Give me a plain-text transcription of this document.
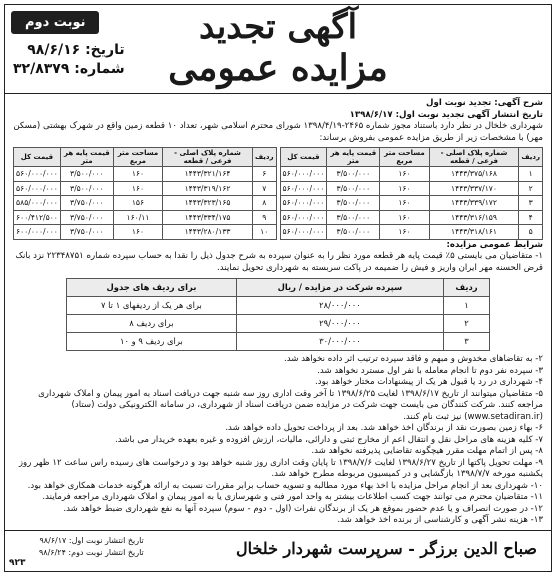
نوبت دوم	آگهی تجدید
مزایده عمومی
تاریخ: ۹۸/۶/۱۶
شماره: ۳۲/۸۳۷۹

شرح آگهی: تجدید نوبت اول

تاریخ انتشار آگهی تجدید نوبت اول: ۱۳۹۸/۶/۱۷

شهرداری خلخال در نظر دارد باستناد مجوز شماره ۲۴۶۵-۱۳۹۸/۴/۱۹ شورای محترم اسلامی شهر، تعداد ۱۰ قطعه زمین واقع در شهرک بهشتی (مسکن مهر) با مشخصات زیر از طریق مزایده عمومی بفروش برساند:

ردیف	شماره پلاک اصلی - فرعی / قطعه	مساحت متر مربع	قیمت پایه هر متر	قیمت کل		ردیف	شماره پلاک اصلی - فرعی / قطعه	مساحت متر مربع	قیمت پایه هر متر	قیمت کل
۱	۱۴۴۳/۳۷۵/۱۶۸	۱۶۰	۳/۵۰۰/۰۰۰	۵۶۰/۰۰۰/۰۰۰		۶	۱۴۴۳/۳۲۱/۱۶۴	۱۶۰	۳/۵۰۰/۰۰۰	۵۶۰/۰۰۰/۰۰۰
۲	۱۴۴۳/۳۳۷/۱۷۰	۱۶۰	۳/۵۰۰/۰۰۰	۵۶۰/۰۰۰/۰۰۰		۷	۱۴۴۳/۳۱۹/۱۶۲	۱۶۰	۳/۵۰۰/۰۰۰	۵۶۰/۰۰۰/۰۰۰
۳	۱۴۴۳/۳۳۹/۱۷۲	۱۶۰	۳/۵۰۰/۰۰۰	۵۶۰/۰۰۰/۰۰۰		۸	۱۴۴۳/۳۲۳/۱۶۵	۱۵۶	۳/۷۵۰/۰۰۰	۵۸۵/۰۰۰/۰۰۰
۴	۱۴۴۳/۳۱۶/۱۵۹	۱۶۰	۳/۵۰۰/۰۰۰	۵۶۰/۰۰۰/۰۰۰		۹	۱۴۴۳/۳۳۴/۱۷۵	۱۶۰/۱۱	۳/۷۵۰/۰۰۰	۶۰۰/۴۱۲/۵۰۰
۵	۱۴۴۳/۳۱۸/۱۶۱	۱۶۰	۳/۵۰۰/۰۰۰	۵۶۰/۰۰۰/۰۰۰		۱۰	۱۴۴۳/۲۸۰/۱۳۳	۱۶۰	۳/۷۵۰/۰۰۰	۶۰۰/۰۰۰/۰۰۰

شرایط عمومی مزایده:

۱- متقاضیان می بایستی ۵٪ قیمت پایه هر قطعه مورد نظر را به عنوان سپرده به شرح جدول ذیل را نقدا به حساب سپرده شماره ۲۲۳۴۸۷۵۱ نزد بانک قرض الحسنه مهر ایران واریز و فیش را ضمیمه در پاکت سربسته به شهرداری تحویل نمایند.

ردیف	سپرده شرکت در مزایده / ریال	برای ردیف های جدول
۱	۲۸/۰۰۰/۰۰۰	برای هر یک از ردیفهای ۱ تا ۷
۲	۲۹/۰۰۰/۰۰۰	برای ردیف ۸
۳	۳۰/۰۰۰/۰۰۰	برای ردیف ۹ و ۱۰

۲- به تقاضاهای مخدوش و مبهم و فاقد سپرده ترتیب اثر داده نخواهد شد.

۳- سپرده نفر دوم تا انجام معامله با نفر اول مسترد نخواهد شد.

۴- شهرداری در رد یا قبول هر یک از پیشنهادات مختار خواهد بود.

۵- متقاضیان میتوانند از تاریخ ۱۳۹۸/۶/۱۷ لغایت ۱۳۹۸/۶/۲۵ تا آخر وقت اداری روز سه شنبه جهت دریافت اسناد به امور پیمان و املاک شهرداری مراجعه کنند. شرکت کنندگان می بایست جهت شرکت در مزایده ضمن دریافت اسناد از شهرداری، در سامانه الکترونیکی دولت (ستاد) (www.setadiran.ir) نیز ثبت نام کنند.

۶- بهاء زمین بصورت نقد از برندگان اخذ خواهد شد. بعد از پرداخت تحویل داده خواهد شد.

۷- کلیه هزینه های مراحل نقل و انتقال اعم از مخارج ثبتی و دارائی، مالیات، ارزش افزوده و غیره بعهده خریدار می باشد.

۸- پس از اتمام مهلت مقرر هیچگونه تقاضایی پذیرفته نخواهد شد.

۹- مهلت تحویل پاکتها از تاریخ ۱۳۹۸/۶/۲۷ لغایت ۱۳۹۸/۷/۶ تا پایان وقت اداری روز شنبه خواهد بود و درخواست های رسیده راس ساعت ۱۲ ظهر روز یکشنبه مورخه ۱۳۹۸/۷/۷ بازگشایی و در کمیسیون مربوطه مطرح خواهد شد.

۱۰- شهرداری بعد از انجام مراحل مزایده با اخذ بهاء مورد مطالبه و تسویه حساب برابر مقررات نسبت به ارائه هرگونه خدمات همکاری خواهد بود.

۱۱- متقاضیان محترم می توانند جهت کسب اطلاعات بیشتر به واحد امور فنی و شهرسازی یا به امور پیمان و املاک شهرداری مراجعه فرمایند.

۱۲- در صورت انصراف و یا عدم حضور بموقع هر یک از برندگان نفرات (اول - دوم - سوم) سپرده آنها به نفع شهرداری ضبط خواهد شد.

۱۳- هزینه نشر آگهی و کارشناسی از برنده اخذ خواهد شد.

صباح الدین برزگر - سرپرست شهردار خلخال
تاریخ انتشار نوبت اول: ۹۸/۶/۱۷
تاریخ انتشار نوبت دوم: ۹۸/۶/۲۴
۹۲۳
